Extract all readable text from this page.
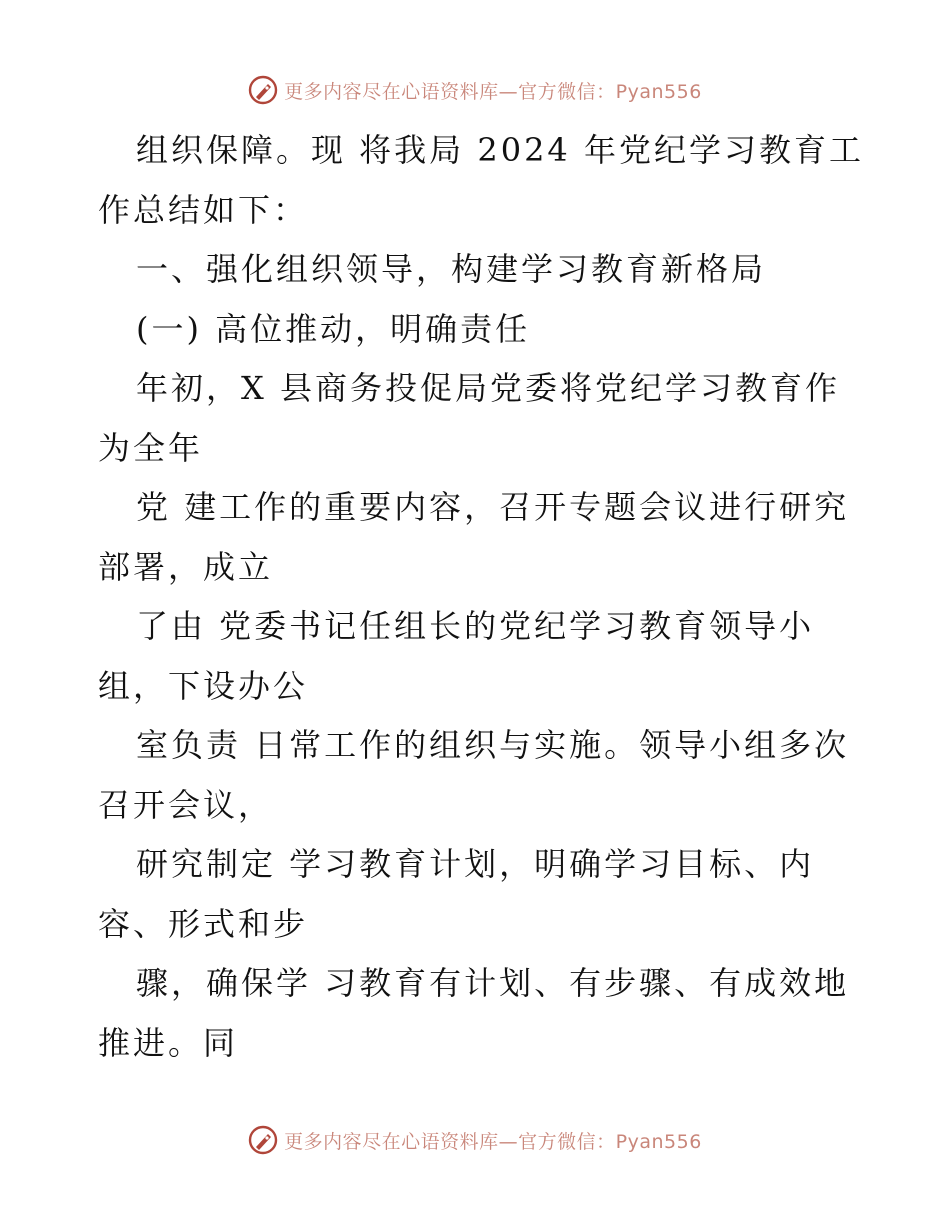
更多内容尽在心语资料库—官方微信：Pyan556
组织保障。现 将我局 2024 年党纪学习教育工
作总结如下：
一、强化组织领导，构建学习教育新格局
(一) 高位推动，明确责任
年初，X 县商务投促局党委将党纪学习教育作
为全年
党 建工作的重要内容，召开专题会议进行研究
部署，成立
了由 党委书记任组长的党纪学习教育领导小
组，下设办公
室负责 日常工作的组织与实施。领导小组多次
召开会议，
研究制定 学习教育计划，明确学习目标、内
容、形式和步
骤，确保学 习教育有计划、有步骤、有成效地
推进。同
更多内容尽在心语资料库—官方微信：Pyan556
